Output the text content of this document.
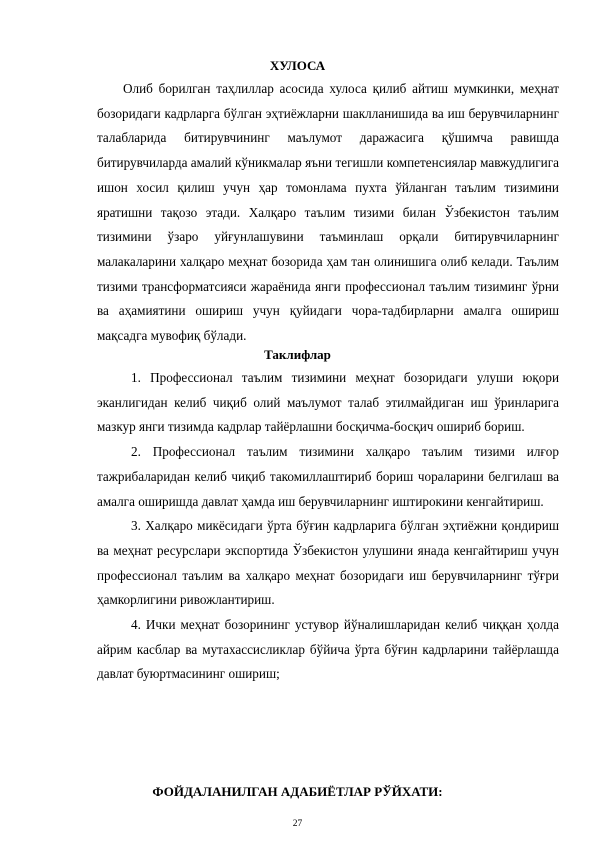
ХУЛОСА

Олиб борилган таҳлиллар асосида хулоса қилиб айтиш мумкинки, меҳнат бозоридаги кадрларга бўлган эҳтиёжларни шаклланишида ва иш берувчиларнинг талабларида битирувчининг маълумот даражасига қўшимча равишда битирувчиларда амалий кўникмалар яъни тегишли компетенсиялар мавжудлигига ишон хосил қилиш учун ҳар томонлама пухта ўйланган таълим тизимини яратишни тақозо этади. Халқаро таълим тизими билан Ўзбекистон таълим тизимини ўзаро уйғунлашувини таъминлаш орқали битирувчиларнинг малакаларини халқаро меҳнат бозорида ҳам тан олинишига олиб келади. Таълим тизими трансформатсияси жараёнида янги профессионал таълим тизиминг ўрни ва аҳамиятини ошириш учун қуйидаги чора-тадбирларни амалга ошириш мақсадга мувофиқ бўлади.

Таклифлар

1. Профессионал таълим тизимини меҳнат бозоридаги улуши юқори эканлигидан келиб чиқиб олий маълумот талаб этилмайдиган иш ўринларига мазкур янги тизимда кадрлар тайёрлашни босқичма-босқич ошириб бориш.

2. Профессионал таълим тизимини халқаро таълим тизими илғор тажрибаларидан келиб чиқиб такомиллаштириб бориш чораларини белгилаш ва амалга оширишда давлат ҳамда иш берувчиларнинг иштирокини кенгайтириш.

3. Халқаро микёсидаги ўрта бўғин кадрларига бўлган эҳтиёжни қондириш ва меҳнат ресурслари экспортида Ўзбекистон улушини янада кенгайтириш учун профессионал таълим ва халқаро меҳнат бозоридаги иш берувчиларнинг тўғри ҳамкорлигини ривожлантириш.

4. Ички меҳнат бозорининг устувор йўналишларидан келиб чиққан ҳолда айрим касблар ва мутахассисликлар бўйича ўрта бўғин кадрларини тайёрлашда давлат буюртмасининг ошириш;

ФОЙДАЛАНИЛГАН АДАБИЁТЛАР РЎЙХАТИ:
27
